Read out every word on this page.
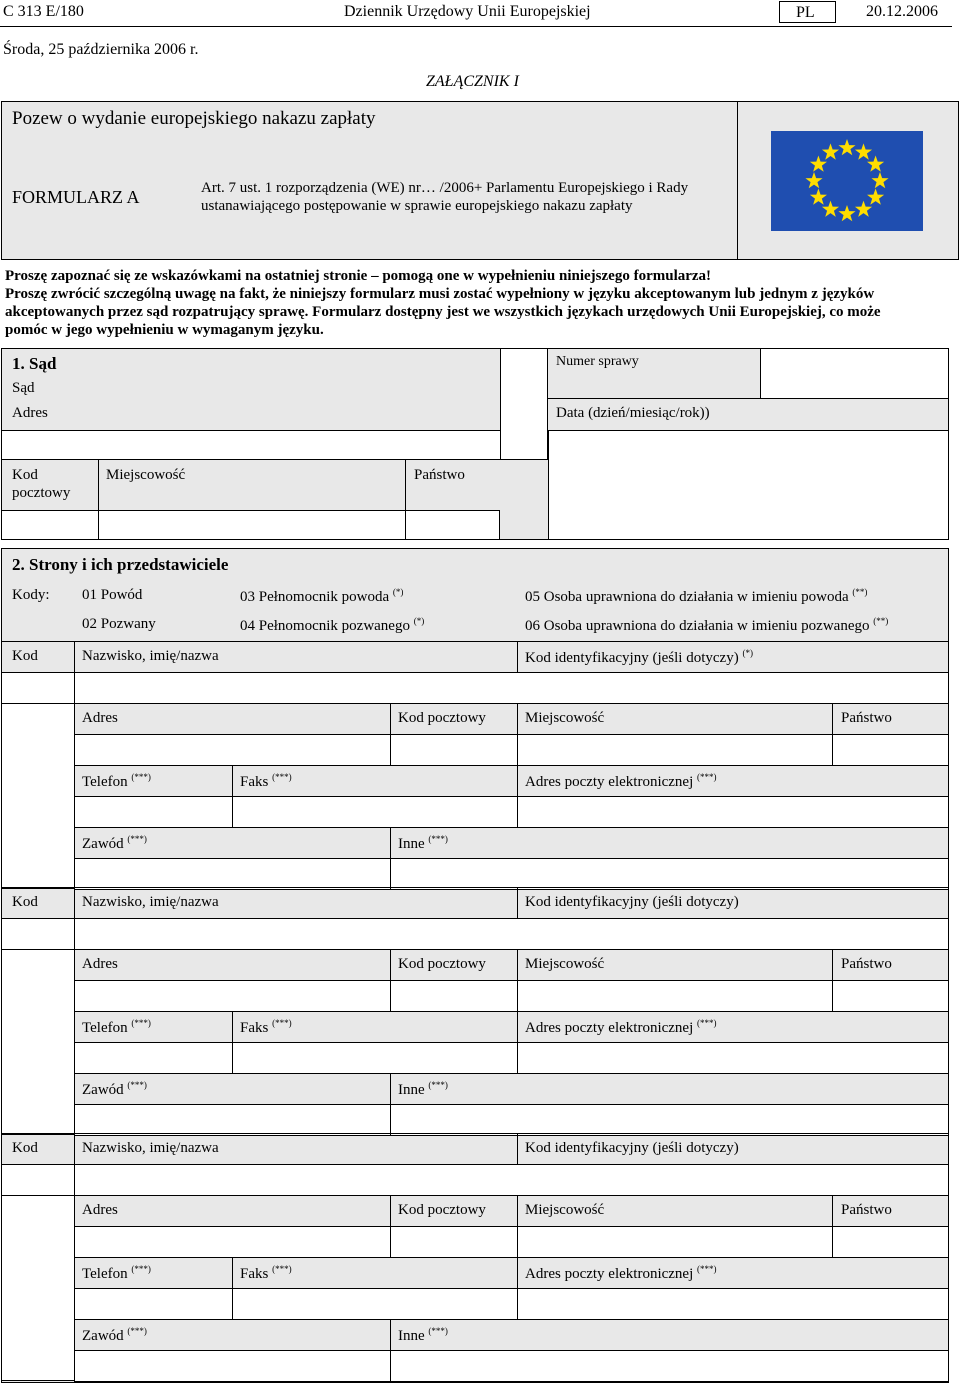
C 313 E/180	Dziennik Urzędowy Unii Europejskiej	PL	20.12.2006
Środa, 25 października 2006 r.
ZAŁĄCZNIK I
Pozew o wydanie europejskiego nakazu zapłaty
FORMULARZ A	Art. 7 ust. 1 rozporządzenia (WE) nr… /2006+ Parlamentu Europejskiego i Rady
ustanawiającego postępowanie w sprawie europejskiego nakazu zapłaty
Proszę zapoznać się ze wskazówkami na ostatniej stronie – pomogą one w wypełnieniu niniejszego formularza!
Proszę zwrócić szczególną uwagę na fakt, że niniejszy formularz musi zostać wypełniony w języku akceptowanym lub jednym z języków
akceptowanych przez sąd rozpatrujący sprawę. Formularz dostępny jest we wszystkich językach urzędowych Unii Europejskiej, co może
pomóc w jego wypełnieniu w wymaganym języku.
1. Sąd
Sąd
Adres
Numer sprawy
Data (dzień/miesiąc/rok))
Kod
pocztowy
Miejscowość	Państwo
2. Strony i ich przedstawiciele
Kody: 01 Powód
02 Pozwany
03 Pełnomocnik powoda (*)
04 Pełnomocnik pozwanego (*)
05 Osoba uprawniona do działania w imieniu powoda (**)
06 Osoba uprawniona do działania w imieniu pozwanego (**)
Kod	Nazwisko, imię/nazwa	Kod identyfikacyjny (jeśli dotyczy) (*)
Adres	Kod pocztowy	Miejscowość	Państwo
Telefon (***)	Faks (***)	Adres poczty elektronicznej (***)
Zawód (***)	Inne (***)
Kod	Nazwisko, imię/nazwa	Kod identyfikacyjny (jeśli dotyczy)
Adres	Kod pocztowy	Miejscowość	Państwo
Telefon (***)	Faks (***)	Adres poczty elektronicznej (***)
Zawód (***)	Inne (***)
Kod	Nazwisko, imię/nazwa	Kod identyfikacyjny (jeśli dotyczy)
Adres	Kod pocztowy	Miejscowość	Państwo
Telefon (***)	Faks (***)	Adres poczty elektronicznej (***)
Zawód (***)	Inne (***)
